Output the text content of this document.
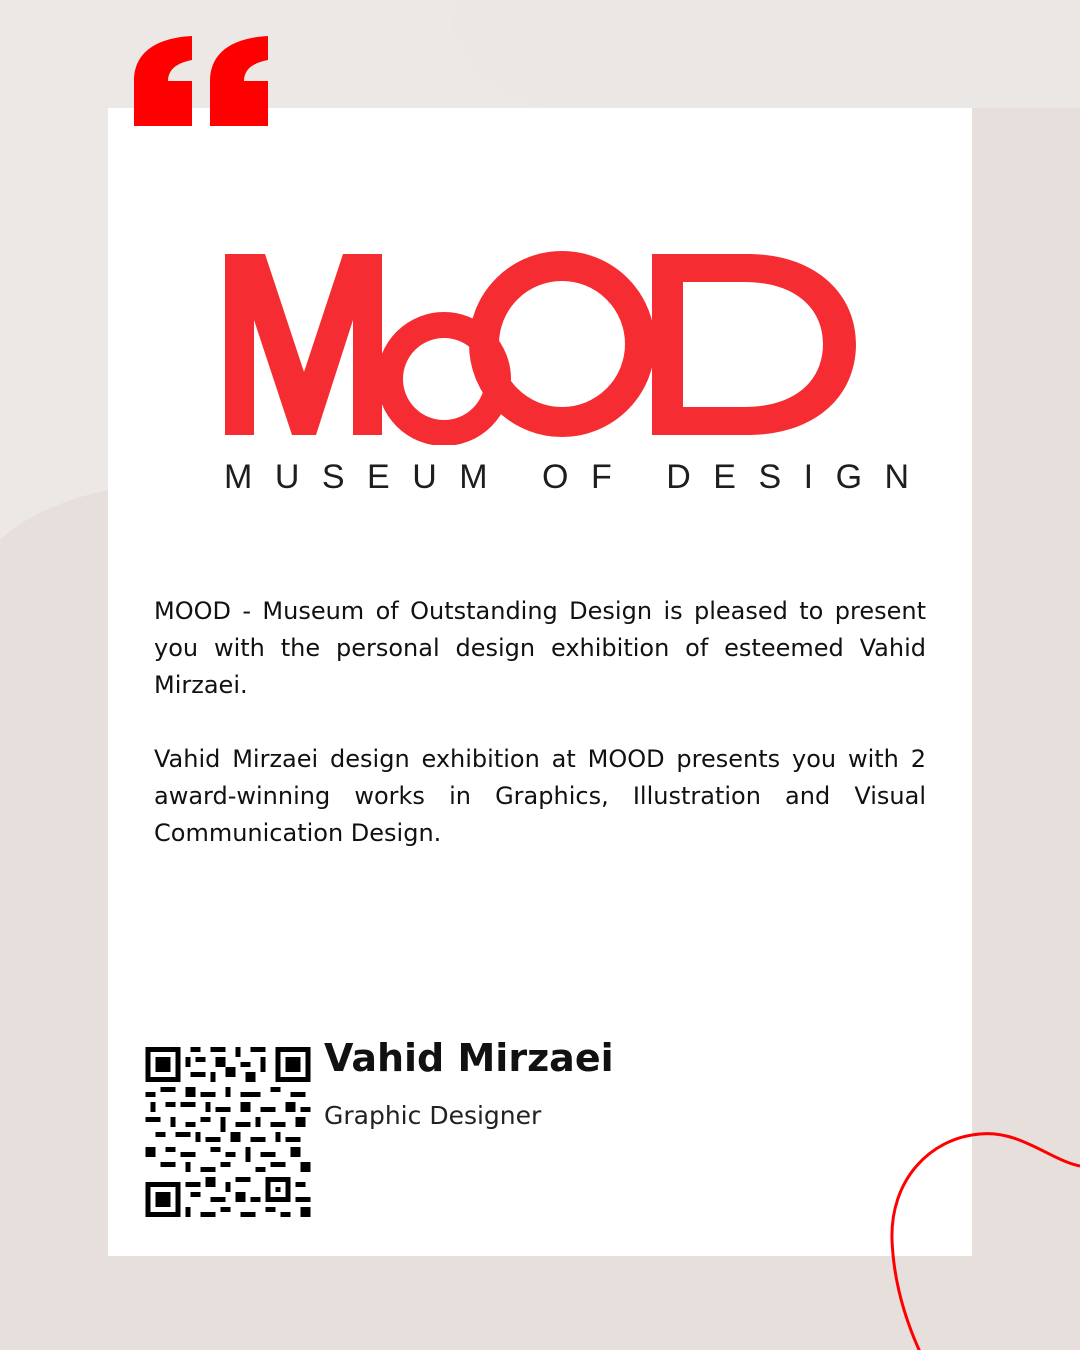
MUSEUM OF DESIGN

MOOD - Museum of Outstanding Design is pleased to present you with the personal design exhibition of esteemed Vahid Mirzaei.

Vahid Mirzaei design exhibition at MOOD presents you with 2 award-winning works in Graphics, Illustration and Visual Communication Design.

Vahid Mirzaei
Graphic Designer
